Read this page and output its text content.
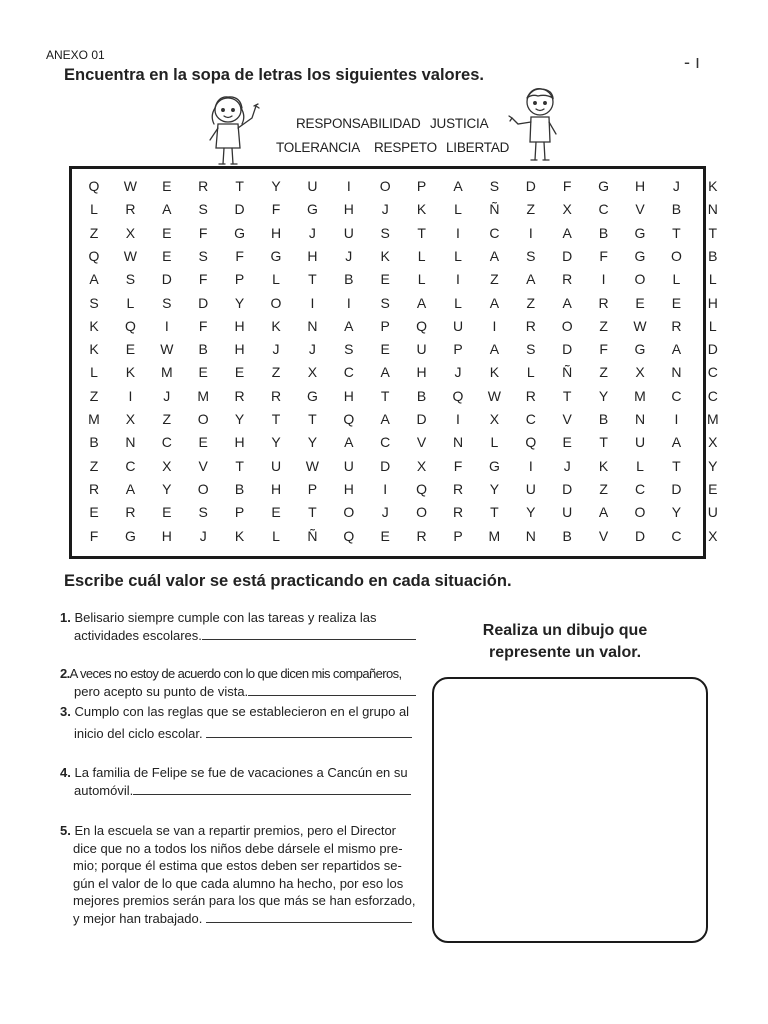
ANEXO 01	- ı
Encuentra en la sopa de letras los siguientes valores.
RESPONSABILIDAD JUSTICIA
TOLERANCIA RESPETO LIBERTAD
Q	W	E	R	T	Y	U	I	O	P	A	S	D	F	G	H	J	K
L	R	A	S	D	F	G	H	J	K	L	Ñ	Z	X	C	V	B	N
Z	X	E	F	G	H	J	U	S	T	I	C	I	A	B	G	T	T
Q	W	E	S	F	G	H	J	K	L	L	A	S	D	F	G	O	B
A	S	D	F	P	L	T	B	E	L	I	Z	A	R	I	O	L	L
S	L	S	D	Y	O	I	I	S	A	L	A	Z	A	R	E	E	H
K	Q	I	F	H	K	N	A	P	Q	U	I	R	O	Z	W	R	L
K	E	W	B	H	J	J	S	E	U	P	A	S	D	F	G	A	D
L	K	M	E	E	Z	X	C	A	H	J	K	L	Ñ	Z	X	N	C
Z	I	J	M	R	R	G	H	T	B	Q	W	R	T	Y	M	C	C
M	X	Z	O	Y	T	T	Q	A	D	I	X	C	V	B	N	I	M
B	N	C	E	H	Y	Y	A	C	V	N	L	Q	E	T	U	A	X
Z	C	X	V	T	U	W	U	D	X	F	G	I	J	K	L	T	Y
R	A	Y	O	B	H	P	H	I	Q	R	Y	U	D	Z	C	D	E
E	R	E	S	P	E	T	O	J	O	R	T	Y	U	A	O	Y	U
F	G	H	J	K	L	Ñ	Q	E	R	P	M	N	B	V	D	C	X
Escribe cuál valor se está practicando en cada situación.
1. Belisario siempre cumple con las tareas y realiza las
actividades escolares.
2.A veces no estoy de acuerdo con lo que dicen mis compañeros,
pero acepto su punto de vista.
3. Cumplo con las reglas que se establecieron en el grupo al
inicio del ciclo escolar.
4. La familia de Felipe se fue de vacaciones a Cancún en su
automóvil.
5. En la escuela se van a repartir premios, pero el Director
dice que no a todos los niños debe dársele el mismo pre-
mio; porque él estima que estos deben ser repartidos se-
gún el valor de lo que cada alumno ha hecho, por eso los
mejores premios serán para los que más se han esforzado,
y mejor han trabajado.
Realiza un dibujo que
represente un valor.
